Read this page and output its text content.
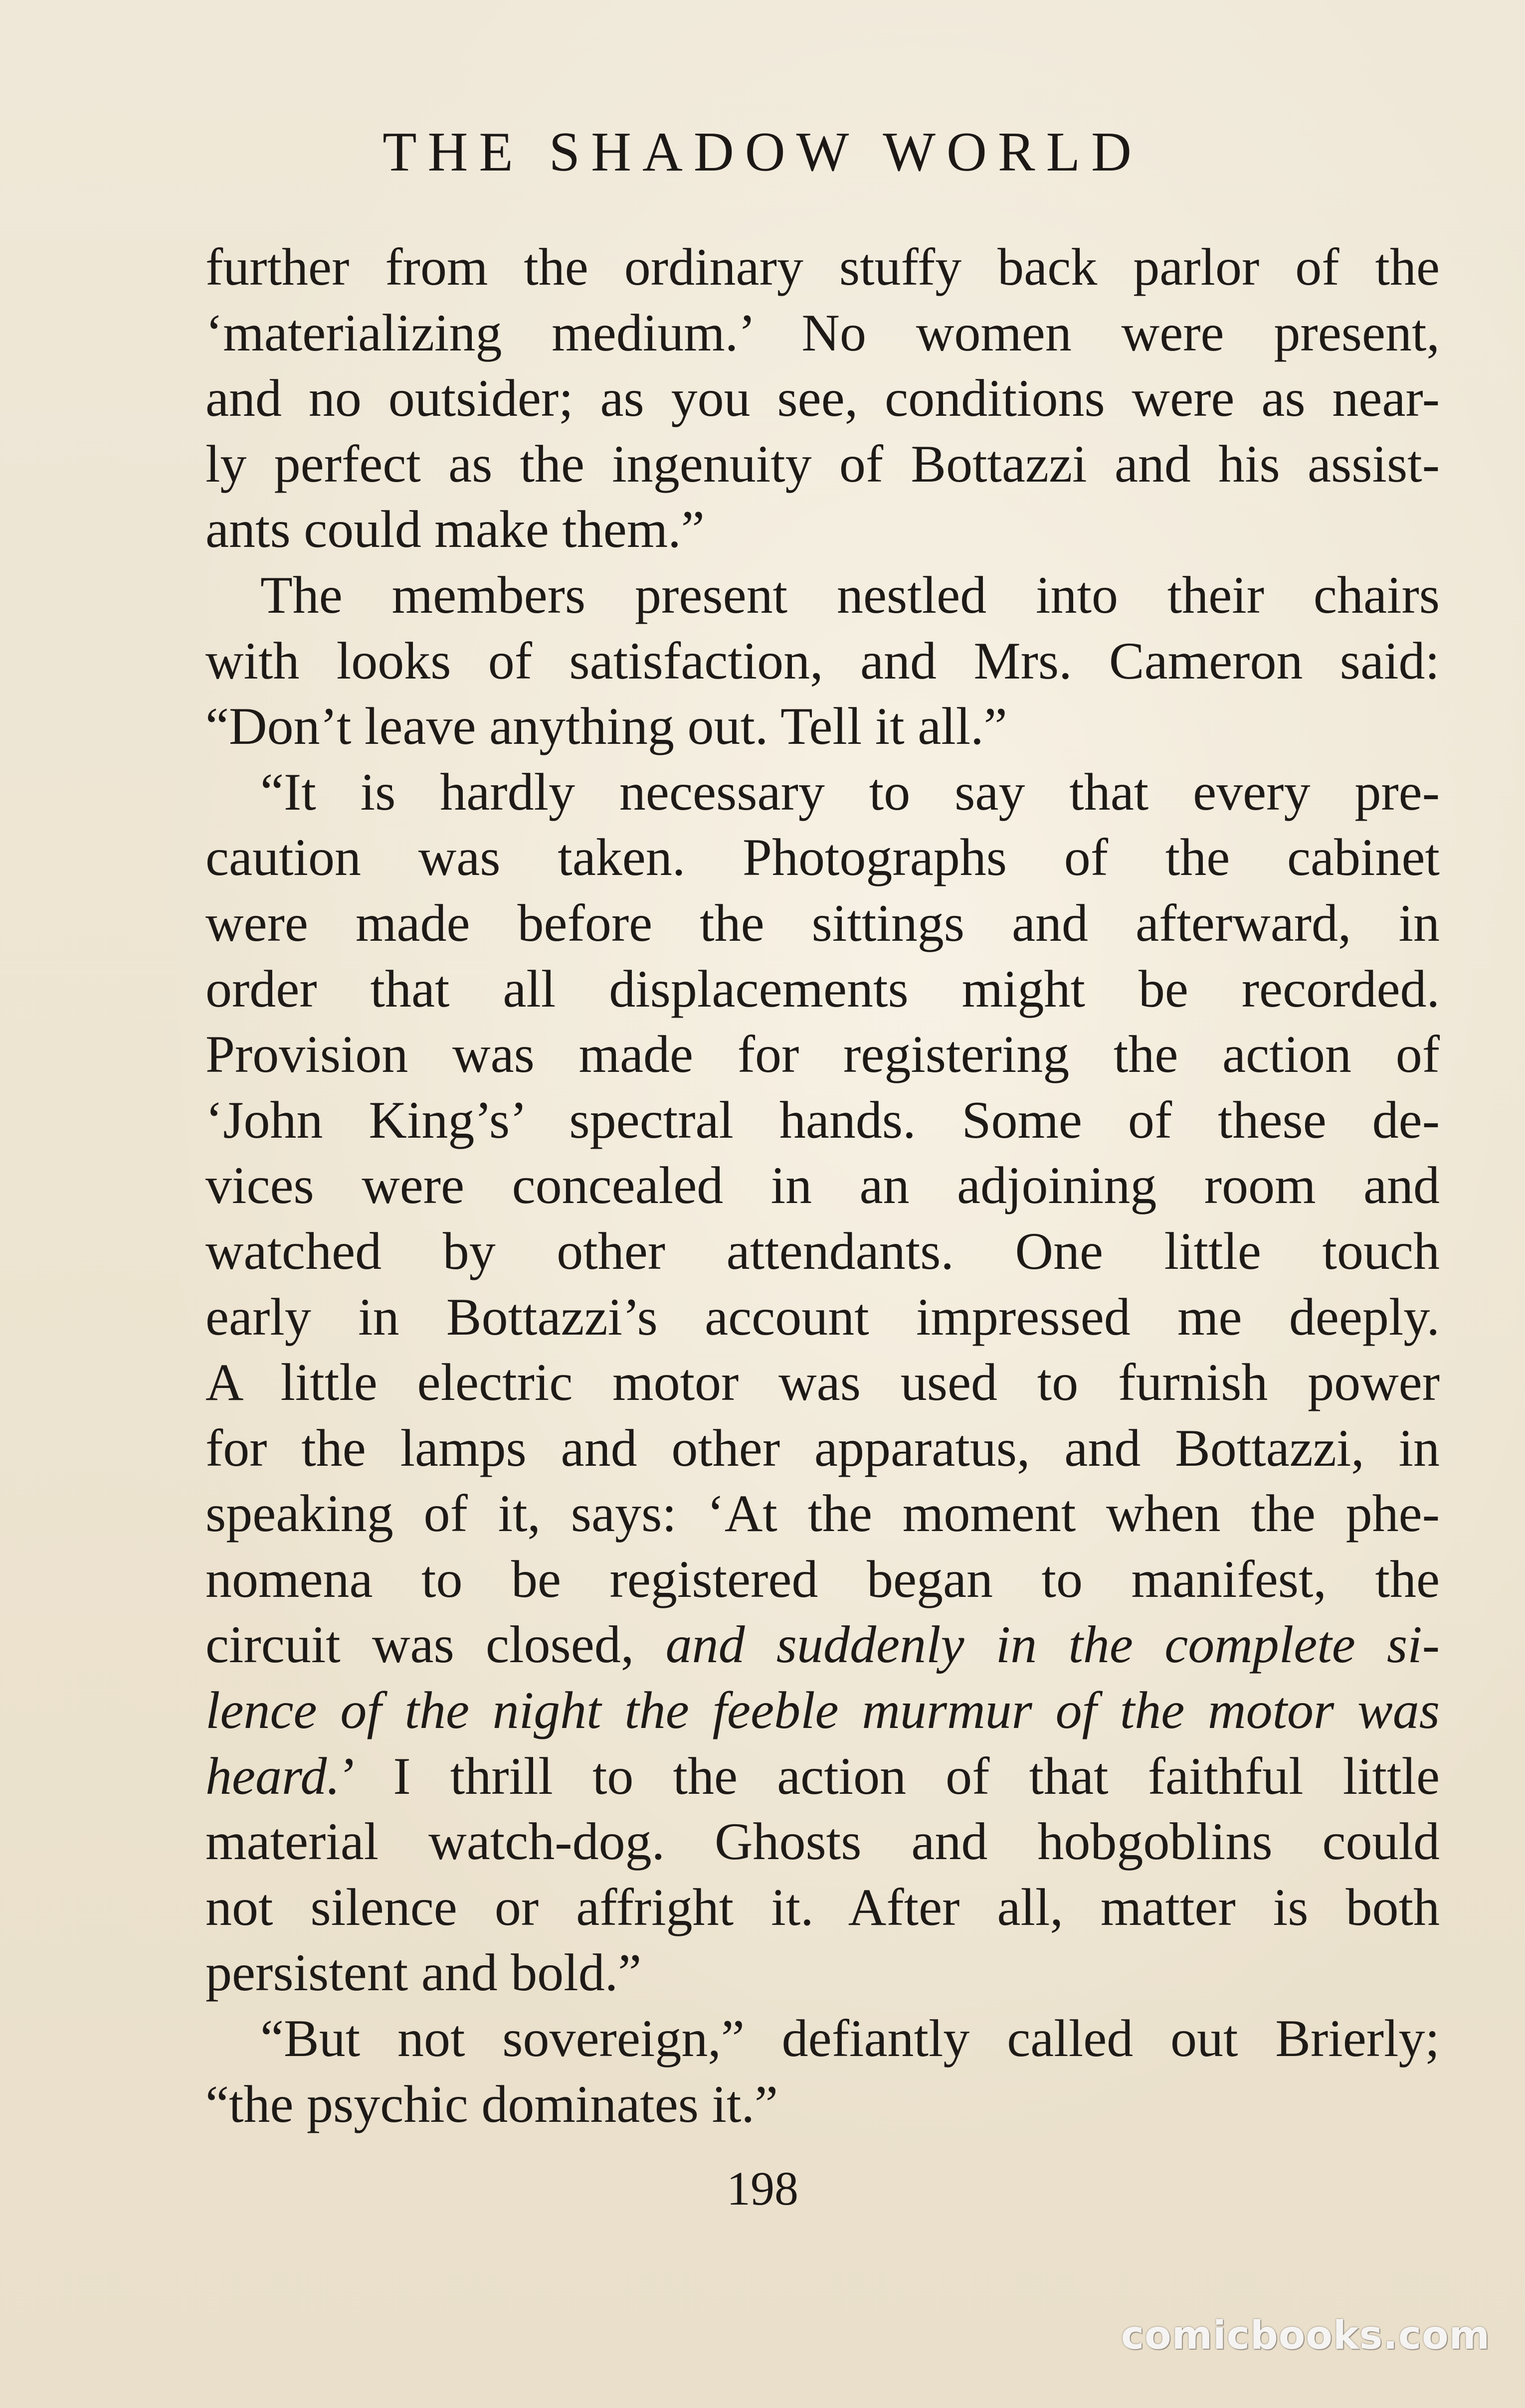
THE SHADOW WORLD
further from the ordinary stuffy back parlor of the
‘materializing medium.’ No women were present,
and no outsider; as you see, conditions were as near-
ly perfect as the ingenuity of Bottazzi and his assist-
ants could make them.”
The members present nestled into their chairs
with looks of satisfaction, and Mrs. Cameron said:
“Don’t leave anything out. Tell it all.”
“It is hardly necessary to say that every pre-
caution was taken. Photographs of the cabinet
were made before the sittings and afterward, in
order that all displacements might be recorded.
Provision was made for registering the action of
‘John King’s’ spectral hands. Some of these de-
vices were concealed in an adjoining room and
watched by other attendants. One little touch
early in Bottazzi’s account impressed me deeply.
A little electric motor was used to furnish power
for the lamps and other apparatus, and Bottazzi, in
speaking of it, says: ‘At the moment when the phe-
nomena to be registered began to manifest, the
circuit was closed, and suddenly in the complete si-
lence of the night the feeble murmur of the motor was
heard.’ I thrill to the action of that faithful little
material watch-dog. Ghosts and hobgoblins could
not silence or affright it. After all, matter is both
persistent and bold.”
“But not sovereign,” defiantly called out Brierly;
“the psychic dominates it.”
198
comicbooks.com
